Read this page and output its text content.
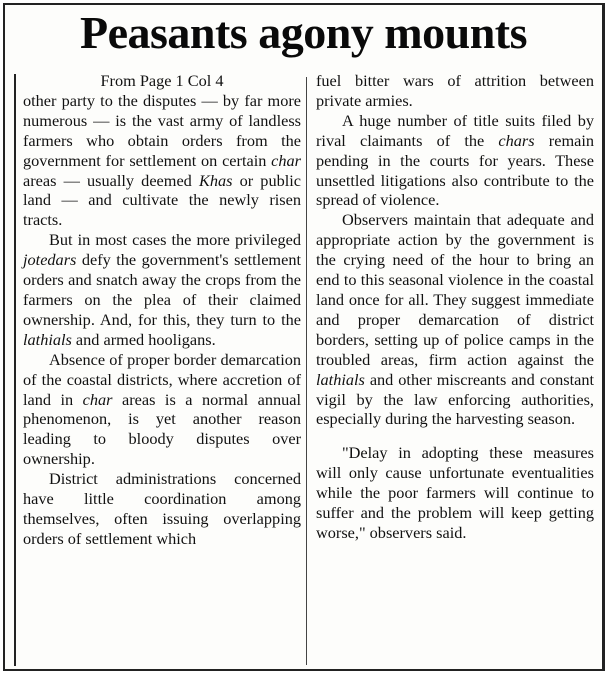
Peasants agony mounts

From Page 1 Col 4

other party to the disputes — by far more numerous — is the vast army of landless farmers who obtain orders from the government for settlement on certain char areas — usually deemed Khas or public land — and cultivate the newly risen tracts.

But in most cases the more privileged jotedars defy the government's settlement orders and snatch away the crops from the farmers on the plea of their claimed ownership. And, for this, they turn to the lathials and armed hooligans.

Absence of proper border demarcation of the coastal districts, where accretion of land in char areas is a normal annual phenomenon, is yet another reason leading to bloody disputes over ownership.

District administrations concerned have little coordination among themselves, often issuing overlapping orders of settlement which

fuel bitter wars of attrition between private armies.

A huge number of title suits filed by rival claimants of the chars remain pending in the courts for years. These unsettled litigations also contribute to the spread of violence.

Observers maintain that adequate and appropriate action by the government is the crying need of the hour to bring an end to this seasonal violence in the coastal land once for all. They suggest immediate and proper demarcation of district borders, setting up of police camps in the troubled areas, firm action against the lathials and other miscreants and constant vigil by the law enforcing authorities, especially during the harvesting season.

"Delay in adopting these measures will only cause unfortunate eventualities while the poor farmers will continue to suffer and the problem will keep getting worse," observers said.
